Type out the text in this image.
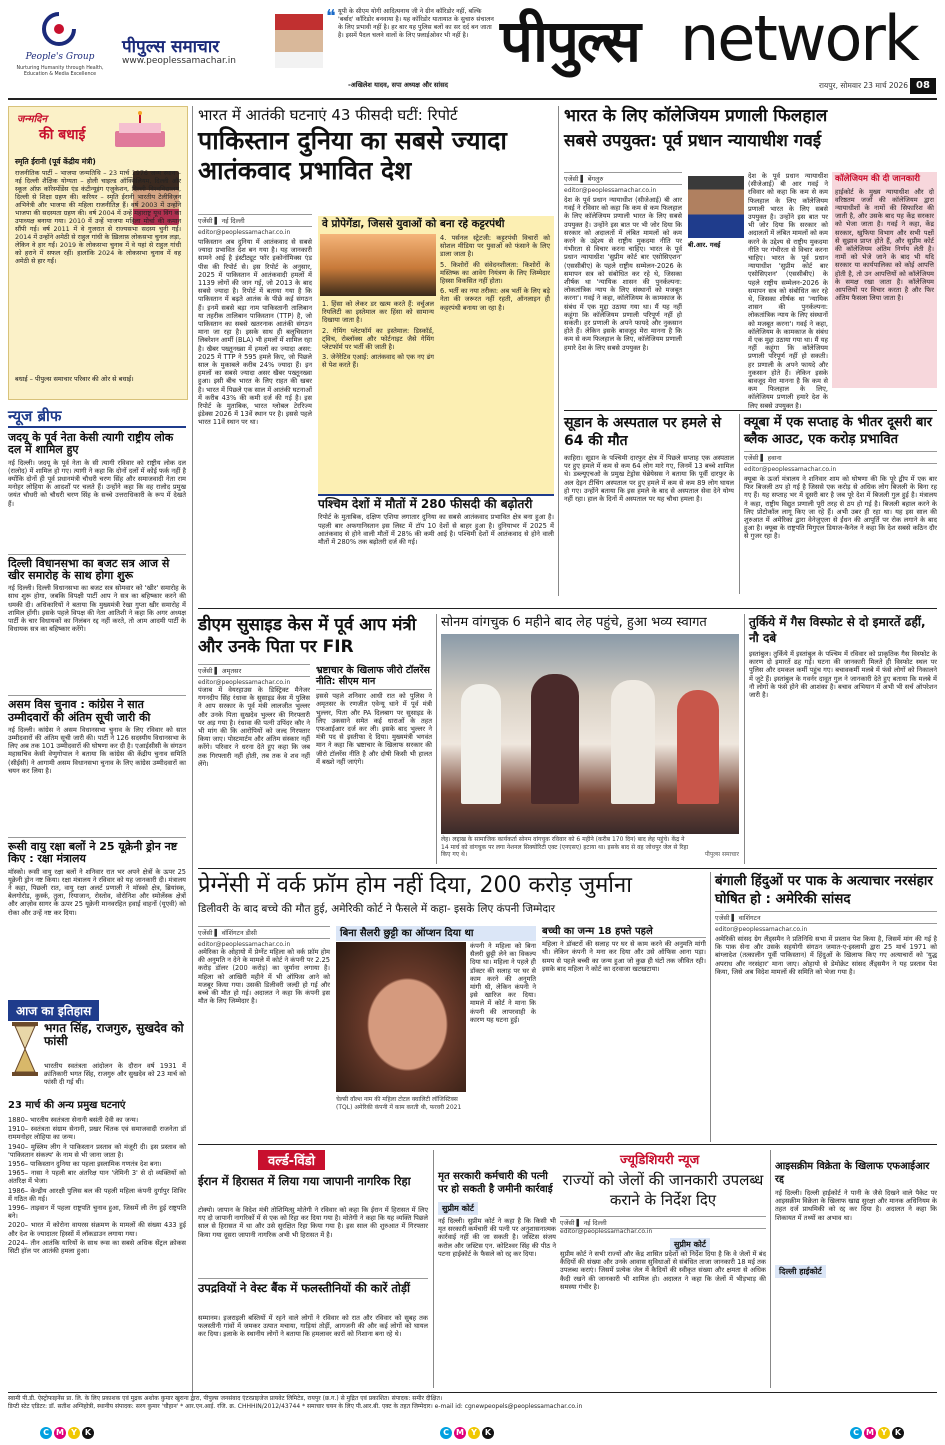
People's Group
Nurturing Humanity through Health, Education & Media Excellence
पीपुल्स समाचार
www.peoplessamachar.in
❝ यूपी के सीएम योगी आदित्यनाथ जी ने ग्रीन कॉरिडोर नहीं, बल्कि 'बर्बाद' कॉरिडोर बनवाया है। यह कॉरिडोर यातायात के सुचारु संचालन के लिए प्रभावी नहीं है। हर बार यह पुलिस बलों का सर दर्द बन जाता है। इसमें पैदल चलने वालों के लिए फ़्लाईओवर भी नहीं है।
-अखिलेश यादव, सपा अध्यक्ष और सांसद
पीपुल्स network
रायपुर, सोमवार 23 मार्च 2026 08
जन्मदिन
की बधाई
स्मृति ईरानी (पूर्व केंद्रीय मंत्री)
राजनीतिक पार्टी – भाजपा जन्मतिथि – 23 मार्च 1976 जन्म स्थान – नई दिल्ली शैक्षिक योग्यता – होली चाइल्ड ऑक्सिलियम, दिल्ली और स्कूल ऑफ़ कॉरेस्पोंडेंस एंड कंटीन्यूइंग एजुकेशन, दिल्ली विश्वविद्यालय, दिल्ली से शिक्षा ग्रहण की। करियर – स्मृति ईरानी भारतीय टेलीविज़न अभिनेत्री और भाजपा की महिला राजनीतिज्ञ हैं। वर्ष 2003 में उन्होंने भाजपा की सदस्यता ग्रहण की। वर्ष 2004 में उन्हें महाराष्ट्र यूथ विंग का उपाध्यक्ष बनाया गया। 2010 में उन्हें भाजपा महिला मोर्चा की कमान सौंपी गई। वर्ष 2011 में वे गुजरात से राज्यसभा सदस्य चुनी गईं। 2014 में उन्होंने अमेठी से राहुल गांधी के ख़िलाफ़ लोकसभा चुनाव लड़ा, लेकिन वे हार गईं। 2019 के लोकसभा चुनाव में वे यहां से राहुल गांधी को हराने में सफल रहीं। हालांकि 2024 के लोकसभा चुनाव में वह अमेठी से हार गईं।
बधाई – पीपुल्स समाचार परिवार की ओर से बधाई।
न्यूज ब्रीफ
जदयू के पूर्व नेता केसी त्यागी राष्ट्रीय लोक दल में शामिल हुए
नई दिल्ली। जदयू के पूर्व नेता के सी त्यागी रविवार को राष्ट्रीय लोक दल (रालोद) में शामिल हो गए। त्यागी ने कहा कि दोनों दलों में कोई फर्क नहीं है क्योंकि दोनों ही पूर्व प्रधानमंत्री चौधरी चरण सिंह और समाजवादी नेता राम मनोहर लोहिया के आदर्शों पर चलते हैं। उन्होंने कहा कि वह रालोद प्रमुख जयंत चौधरी को चौधरी चरण सिंह के सच्चे उत्तराधिकारी के रूप में देखते हैं।
दिल्ली विधानसभा का बजट सत्र आज से खीर समारोह के साथ होगा शुरू
नई दिल्ली। दिल्ली विधानसभा का बजट सत्र सोमवार को 'खीर' समारोह के साथ शुरू होगा, जबकि विपक्षी पार्टी आप ने सत्र का बहिष्कार करने की धमकी दी। अधिकारियों ने बताया कि मुख्यमंत्री रेखा गुप्ता खीर समारोह में शामिल होंगी। इसके पहले विपक्ष की नेता आतिशी ने कहा कि अगर अध्यक्ष पार्टी के चार विधायकों का निलंबन रद्द नहीं करते, तो आम आदमी पार्टी के विधायक सत्र का बहिष्कार करेंगे।
असम विस चुनाव : कांग्रेस ने सात उम्मीदवारों की अंतिम सूची जारी की
नई दिल्ली। कांग्रेस ने असम विधानसभा चुनाव के लिए रविवार को सात उम्मीदवारों की अंतिम सूची जारी की। पार्टी ने 126 सदस्यीय विधानसभा के लिए अब तक 101 उम्मीदवारों की घोषणा कर दी है। एआईसीसी के संगठन महासचिव केसी वेणुगोपाल ने बताया कि कांग्रेस की केंद्रीय चुनाव समिति (सीईसी) ने आगामी असम विधानसभा चुनाव के लिए कांग्रेस उम्मीदवारों का चयन कर लिया है।
रूसी वायु रक्षा बलों ने 25 यूक्रेनी ड्रोन नष्ट किए : रक्षा मंत्रालय
मॉस्को। रूसी वायु रक्षा बलों ने शनिवार रात भर अपने क्षेत्रों के ऊपर 25 यूक्रेनी ड्रोन नष्ट किया। रक्षा मंत्रालय ने रविवार को यह जानकारी दी। मंत्रालय ने कहा, पिछली रात, वायु रक्षा अलर्ट प्रणाली ने मॉस्को क्षेत्र, ब्रियांस्क, बेलगोरोड, कुर्स्क, तुला, रियाजान, रोस्तोव, वोरोनिश और स्मोलेंस्क क्षेत्रों और आज़ोव सागर के ऊपर 25 यूक्रेनी मानवरहित हवाई वाहनों (यूएवी) को रोका और उन्हें नष्ट कर दिया।
आज का इतिहास
भगत सिंह, राजगुरु, सुखदेव को फांसी
भारतीय स्वतंत्रता आंदोलन के दौरान वर्ष 1931 में क्रांतिकारी भगत सिंह, राजगुरु और सुखदेव को 23 मार्च को फांसी दी गई थी।
23 मार्च की अन्य प्रमुख घटनाएं
1880– भारतीय स्वतंत्रता सेनानी बसंती देवी का जन्म।
1910– स्वतंत्रता संग्राम सेनानी, प्रखर चिंतक एवं समाजवादी राजनेता डॉ राममनोहर लोहिया का जन्म।
1940– मुस्लिम लीग ने पाकिस्तान प्रस्ताव को मंजूरी दी। इस प्रस्ताव को 'पाकिस्तान संकल्प' के नाम से भी जाना जाता है।
1956– पाकिस्तान दुनिया का पहला इस्लामिक गणतंत्र देश बना।
1965– नासा ने पहली बार अंतरिक्ष यान 'जेमिनी 3' से दो व्यक्तियों को अंतरिक्ष में भेजा।
1986– केन्द्रीय आरक्षी पुलिस बल की पहली महिला कंपनी दुर्गापुर शिविर में गठित की गई।
1996– ताइवान में पहला राष्ट्रपति चुनाव हुआ, जिसमें ली तेंग हुई राष्ट्रपति बने।
2020– भारत में कोरोना वायरस संक्रमण के मामलों की संख्या 433 हुई और देश के ज्यादातर हिस्सों में लॉकडाउन लगाया गया।
2024– तीन आतंकि यारियों के साथ रूस का सबसे अधिक सेंट्रल क्रोकस सिटी हॉल पर आतंकी हमला हुआ।
भारत में आतंकी घटनाएं 43 फीसदी घटीं: रिपोर्ट
पाकिस्तान दुनिया का सबसे ज्यादा आतंकवाद प्रभावित देश
एजेंसी ▌ नई दिल्ली
editor@peoplessamachar.co.in
पाकिस्तान अब दुनिया में आतंकवाद से सबसे ज्यादा प्रभावित देश बन गया है। यह जानकारी सामने आई है इंस्टीट्यूट फॉर इकोनॉमिक्स एंड पीस की रिपोर्ट से। इस रिपोर्ट के अनुसार, 2025 में पाकिस्तान में आतंकवादी हमलों में 1139 लोगों की जान गई, जो 2013 के बाद सबसे ज्यादा है। रिपोर्ट में बताया गया है कि पाकिस्तान में बढ़ते आतंक के पीछे कई संगठन हैं। इनमें सबसे बड़ा नाम पाकिस्तानी तालिबान या तहरीक तालिबान पाकिस्तान (TTP) है, जो पाकिस्तान का सबसे खतरनाक आतंकी संगठन माना जा रहा है। इसके साथ ही बलूचिस्तान लिबरेशन आर्मी (BLA) भी हमलों में शामिल रहा है। खैबर पख्तूनख्वा में हमलों का ज्यादा असर: 2025 में TTP ने 595 हमले किए, जो पिछले साल के मुकाबले करीब 24% ज्यादा हैं। इन हमलों का सबसे ज्यादा असर खैबर पख्तूनख्वा हुआ। इसी बीच भारत के लिए राहत की खबर है। भारत में पिछले एक साल में आतंकी घटनाओं में करीब 43% की कमी दर्ज की गई है। इस रिपोर्ट के मुताबिक, भारत ग्लोबल टेररिज्म इंडेक्स 2026 में 13वें स्थान पर है। इससे पहले भारत 11वें स्थान पर था।
वे प्रोपेगेंडा, जिससे युवाओं को बना रहे कट्टरपंथी
1. हिंसा को लेकर डर खत्म करते हैं: वर्चुअल रियलिटी का इस्तेमाल कर हिंसा को सामान्य दिखाया जाता है।
2. गेमिंग प्लेटफॉर्म का इस्तेमाल: डिस्कॉर्ड, ट्विच, रोब्लॉक्स और फोर्टनाइट जैसे गेमिंग प्लेटफॉर्म पर भर्ती की जाती है।
3. जेनेरेटिव एआई: आतंकवाद को एक नए ढंग से पेश करते हैं।
4. पर्सनल स्ट्रेटजी: कट्टरपंथी विचारों को सोशल मीडिया पर युवाओं को फंसाने के लिए डाला जाता है।
5. किशोरों की संवेदनशीलता: किशोरों के मस्तिष्क का आवेग नियंत्रण के लिए जिम्मेदार हिस्सा विकसित नहीं होता।
6. भर्ती का नया तरीका: अब भर्ती के लिए बड़े नेता की जरूरत नहीं रहती, ऑनलाइन ही कट्टरपंथी बनाया जा रहा है।
पश्चिम देशों में मौतों में 280 फीसदी की बढ़ोतरी
रिपोर्ट के मुताबिक, दक्षिण एशिया लगातार दुनिया का सबसे आतंकवाद प्रभावित क्षेत्र बना हुआ है। पहली बार अफगानिस्तान इस लिस्ट में टॉप 10 देशों से बाहर हुआ है। दुनियाभर में 2025 में आतंकवाद से होने वाली मौतों में 28% की कमी आई है। पश्चिमी देशों में आतंकवाद से होने वाली मौतों में 280% तक बढ़ोतरी दर्ज की गई।
भारत के लिए कॉलेजियम प्रणाली फिलहाल
सबसे उपयुक्त: पूर्व प्रधान न्यायाधीश गवई
एजेंसी ▌ बेंगलुरु
editor@peoplessamachar.co.in
देश के पूर्व प्रधान न्यायाधीश (सीजेआई) बी आर गवई ने रविवार को कहा कि कम से कम फिलहाल के लिए कॉलेजियम प्रणाली भारत के लिए सबसे उपयुक्त है। उन्होंने इस बात पर भी जोर दिया कि सरकार को अदालतों में लंबित मामलों को कम करने के उद्देश्य से राष्ट्रीय मुकदमा नीति पर गंभीरता से विचार करना चाहिए। भारत के पूर्व प्रधान न्यायाधीश 'सुप्रीम कोर्ट बार एसोसिएशन' (एससीबीए) के पहले राष्ट्रीय सम्मेलन-2026 के समापन सत्र को संबोधित कर रहे थे, जिसका शीर्षक था 'न्यायिक शासन की पुनर्कल्पना: लोकतांत्रिक न्याय के लिए संस्थानों को मजबूत करना'। गवई ने कहा, कॉलेजियम के कामकाज के संबंध में एक मुद्दा उठाया गया था। मैं यह नहीं कहूंगा कि कॉलेजियम प्रणाली परिपूर्ण नहीं हो सकती। हर प्रणाली के अपने फायदे और नुकसान होते हैं। लेकिन इसके बावजूद मेरा मानना है कि कम से कम फिलहाल के लिए, कॉलेजियम प्रणाली हमारे देश के लिए सबसे उपयुक्त है।
बी.आर. गवई
देश के पूर्व प्रधान न्यायाधीश (सीजेआई) बी आर गवई ने रविवार को कहा कि कम से कम फिलहाल के लिए कॉलेजियम प्रणाली भारत के लिए सबसे उपयुक्त है। उन्होंने इस बात पर भी जोर दिया कि सरकार को अदालतों में लंबित मामलों को कम करने के उद्देश्य से राष्ट्रीय मुकदमा नीति पर गंभीरता से विचार करना चाहिए। भारत के पूर्व प्रधान न्यायाधीश 'सुप्रीम कोर्ट बार एसोसिएशन' (एससीबीए) के पहले राष्ट्रीय सम्मेलन-2026 के समापन सत्र को संबोधित कर रहे थे, जिसका शीर्षक था 'न्यायिक शासन की पुनर्कल्पना: लोकतांत्रिक न्याय के लिए संस्थानों को मजबूत करना'। गवई ने कहा, कॉलेजियम के कामकाज के संबंध में एक मुद्दा उठाया गया था। मैं यह नहीं कहूंगा कि कॉलेजियम प्रणाली परिपूर्ण नहीं हो सकती। हर प्रणाली के अपने फायदे और नुकसान होते हैं। लेकिन इसके बावजूद मेरा मानना है कि कम से कम फिलहाल के लिए, कॉलेजियम प्रणाली हमारे देश के लिए सबसे उपयुक्त है।
कॉलेजियम की दी जानकारी
हाईकोर्ट के मुख्य न्यायाधीश और दो वरिष्ठतम जजों की कॉलेजियम द्वारा न्यायाधीशों के नामों की सिफारिश की जाती है, और उसके बाद यह केंद्र सरकार को भेजा जाता है। गवई ने कहा, केंद्र सरकार, खुफिया विभाग और सभी पक्षों से सुझाव प्राप्त होते हैं, और सुप्रीम कोर्ट की कॉलेजियम अंतिम निर्णय लेती है। नामों को भेजे जाने के बाद भी यदि सरकार या कार्यपालिका को कोई आपत्ति होती है, तो उन आपत्तियों को कॉलेजियम के समक्ष रखा जाता है। कॉलेजियम आपत्तियों पर विचार करता है और फिर अंतिम फैसला लिया जाता है।
सूडान के अस्पताल पर हमले से 64 की मौत
काहिरा। सूडान के पश्चिमी दारफुर क्षेत्र में पिछले सप्ताह एक अस्पताल पर हुए हमले में कम से कम 64 लोग मारे गए, जिनमें 13 बच्चे शामिल थे। डब्ल्यूएचओ के प्रमुख टेड्रोस घेब्रेयेसस ने बताया कि पूर्वी दारफुर के अल देइन टीचिंग अस्पताल पर हुए हमले में कम से कम 89 लोग घायल हो गए। उन्होंने बताया कि इस हमले के बाद से अस्पताल सेवा देने योग्य नहीं रहा। हाल के दिनों में अस्पताल पर यह चौथा हमला है।
क्यूबा में एक सप्ताह के भीतर दूसरी बार ब्लैक आउट, एक करोड़ प्रभावित
एजेंसी ▌ हवाना
editor@peoplessamachar.co.in
क्यूबा के ऊर्जा मंत्रालय ने शनिवार शाम को घोषणा की कि पूरे द्वीप में एक बार फिर बिजली ठप हो गई है जिससे एक करोड़ से अधिक लोग बिजली के बिना रह गए हैं। यह सप्ताह भर में दूसरी बार है जब पूरे देश में बिजली गुल हुई है। मंत्रालय ने कहा, राष्ट्रीय विद्युत प्रणाली पूरी तरह से ठप हो गई है। बिजली बहाल करने के लिए प्रोटोकॉल लागू किए जा रहे हैं। अभी उबर ही रहा था। यह इस साल की शुरुआत में अमेरिका द्वारा वेनेजुएला से ईंधन की आपूर्ति पर रोक लगाने के बाद हुआ है। क्यूबा के राष्ट्रपति मिगुएल डियाज-कैनेल ने कहा कि देश सबसे कठिन दौर से गुजर रहा है।
डीएम सुसाइड केस में पूर्व आप मंत्री और उनके पिता पर FIR
एजेंसी ▌ अमृतसर
editor@peoplessamachar.co.in
पंजाब में वेयरहाउस के डिस्ट्रिक्ट मैनेजर गगनदीप सिंह रंधावा के सुसाइड केस में पुलिस ने आप सरकार के पूर्व मंत्री लालजीत भुल्लर और उनके पिता सुखदेव भुल्लर की गिरफ्तारी पर अड़ गया है। रंधावा की पत्नी उपिंदर कौर ने भी मांग की कि आरोपियों को जल्द गिरफ्तार किया जाए। पोस्टमार्टम और अंतिम संस्कार नहीं करेंगे। परिवार ने धरना देते हुए कहा कि जब तक गिरफ्तारी नहीं होती, तब तक वे शव नहीं लेंगे।
भ्रष्टाचार के खिलाफ जीरो टॉलरेंस नीति: सीएम मान
इससे पहले शनिवार आधी रात को पुलिस ने अमृतसर के रणजीत एवेन्यू थाने में पूर्व मंत्री भुल्लर, पिता और PA दिलबाग पर सुसाइड के लिए उकसाने समेत कई धाराओं के तहत एफआईआर दर्ज कर ली। इसके बाद भुल्लर ने मंत्री पद से इस्तीफा दे दिया। मुख्यमंत्री भगवंत मान ने कहा कि भ्रष्टाचार के खिलाफ सरकार की जीरो टॉलरेंस नीति है और दोषी किसी भी हालत में बख्शे नहीं जाएंगे।
सोनम वांगचुक 6 महीने बाद लेह पहुंचे, हुआ भव्य स्वागत
लेह। लद्दाख के सामाजिक कार्यकर्ता सोनम वांगचुक रविवार को 6 महीने (करीब 170 दिन) बाद लेह पहुंचे। केंद्र ने 14 मार्च को वांगचुक पर लगा नेशनल सिक्योरिटी एक्ट (एनएसए) हटाया था। इसके बाद से वह जोधपुर जेल से रिहा किए गए थे।	पीपुल्स समाचार
तुर्किये में गैस विस्फोट से दो इमारतें ढहीं, नौ दबे
इस्तांबुल। तुर्किये में इस्तांबुल के पश्चिम में रविवार को प्राकृतिक गैस विस्फोट के कारण दो इमारतें ढह गईं। घटना की जानकारी मिलते ही विस्फोट स्थल पर पुलिस और दमकल कर्मी पहुंच गए। बचावकर्मी मलबे में फंसे लोगों को निकालने में जुटे हैं। इस्तांबुल के गवर्नर दावूत गुल ने जानकारी देते हुए बताया कि मलबे में नौ लोगों के फंसे होने की आशंका है। बचाव अभियान में अभी भी सर्च ऑपरेशन जारी है।
प्रेग्नेंसी में वर्क फ्रॉम होम नहीं दिया, 200 करोड़ जुर्माना
डिलीवरी के बाद बच्चे की मौत हुई, अमेरिकी कोर्ट ने फैसले में कहा- इसके लिए कंपनी जिम्मेदार
एजेंसी ▌ वॉशिंगटन डीसी
editor@peoplessamachar.co.in
अमेरिका के ओहायो में प्रेग्नेंट महिला को वर्क फ्रॉम होम की अनुमति न देने के मामले में कोर्ट ने कंपनी पर 2.25 करोड़ डॉलर (200 करोड़) का जुर्माना लगाया है। महिला को आखिरी महीने में भी ऑफिस आने को मजबूर किया गया। उसकी डिलीवरी जल्दी हो गई और बच्चे की मौत हो गई। अदालत ने कहा कि कंपनी इस मौत के लिए जिम्मेदार है।
बिना सैलरी छुट्टी का ऑप्शन दिया था
चेल्सी वॉल्श नाम की महिला टोटल क्वालिटी लॉजिस्टिक्स (TQL) अमेरिकी कंपनी में काम करती थी, फरवरी 2021
कंपनी ने महिला को बिना सैलरी छुट्टी लेने का विकल्प दिया था। महिला ने पहले ही डॉक्टर की सलाह पर घर से काम करने की अनुमति मांगी थी, लेकिन कंपनी ने इसे खारिज कर दिया। मामले में कोर्ट ने माना कि कंपनी की लापरवाही के कारण यह घटना हुई।
बच्ची का जन्म 18 हफ्ते पहले
महिला ने डॉक्टरों की सलाह पर घर से काम करने की अनुमति मांगी थी। लेकिन कंपनी ने मना कर दिया और उसे ऑफिस आना पड़ा। समय से पहले बच्ची का जन्म हुआ जो कुछ ही घंटों तक जीवित रही। इसके बाद महिला ने कोर्ट का दरवाजा खटखटाया।
बंगाली हिंदुओं पर पाक के अत्याचार नरसंहार घोषित हो : अमेरिकी सांसद
एजेंसी ▌ वाशिंगटन
editor@peoplessamachar.co.in
अमेरिकी सांसद ग्रेग लैंड्समैन ने प्रतिनिधि सभा में प्रस्ताव पेश किया है, जिसमें मांग की गई है कि पाक सेना और उसके सहयोगी संगठन जमात-ए-इस्लामी द्वारा 25 मार्च 1971 को बांग्लादेश (तत्कालीन पूर्वी पाकिस्तान) में हिंदुओं के खिलाफ किए गए अत्याचारों को 'युद्ध अपराध और नरसंहार' माना जाए। ओहायो से डेमोक्रेट सांसद लैंड्समैन ने यह प्रस्ताव पेश किया, जिसे अब विदेश मामलों की समिति को भेजा गया है।
वर्ल्ड-विंडो
ईरान में हिरासत में लिया गया जापानी नागरिक रिहा
टोक्यो। जापान के विदेश मंत्री तोशिमित्सु मोतेगी ने रविवार को कहा कि ईरान में हिरासत में लिए गए दो जापानी नागरिकों में से एक को रिहा कर दिया गया है। मोतेगी ने कहा कि यह व्यक्ति पिछले साल से हिरासत में था और उसे सुरक्षित रिहा किया गया है। इस साल की शुरुआत में गिरफ्तार किया गया दूसरा जापानी नागरिक अभी भी हिरासत में है।
उपद्रवियों ने वेस्ट बैंक में फलस्तीनियों की कारें तोड़ीं
सम्मानम। इजराइली बस्तियों में रहने वाले लोगों ने रविवार को रात और रविवार को सुबह तक फलस्तीनी गांवों में जमकर उत्पात मचाया, गाड़ियां तोड़ीं, आगजनी की और कई लोगों को घायल कर दिया। इलाके के स्थानीय लोगों ने बताया कि हमलावर कारों को निशाना बना रहे थे।
मृत सरकारी कर्मचारी की पत्नी पर हो सकती है जमीनी कार्रवाई
सुप्रीम कोर्ट
नई दिल्ली। सुप्रीम कोर्ट ने कहा है कि किसी भी मृत सरकारी कर्मचारी की पत्नी पर अनुशासनात्मक कार्रवाई नहीं की जा सकती है। जस्टिस संजय करोल और जस्टिस एन. कोटिश्वर सिंह की पीठ ने पटना हाईकोर्ट के फैसले को रद्द कर दिया।
ज्यूडिशियरी न्यूज
राज्यों को जेलों की जानकारी उपलब्ध कराने के निर्देश दिए
एजेंसी ▌ नई दिल्ली
editor@peoplessamachar.co.in
सुप्रीम कोर्ट
सुप्रीम कोर्ट ने सभी राज्यों और केंद्र शासित प्रदेशों को निर्देश दिया है कि वे जेलों में बंद कैदियों की संख्या और उनके आवास सुविधाओं से संबंधित ताजा जानकारी 18 मई तक उपलब्ध कराएं। जिसमें प्रत्येक जेल में कैदियों की स्वीकृत संख्या और क्षमता से अधिक कैदी रखने की जानकारी भी शामिल हो। अदालत ने कहा कि जेलों में भीड़भाड़ की समस्या गंभीर है।
आइसक्रीम विक्रेता के खिलाफ एफआईआर रद्द
नई दिल्ली। दिल्ली हाईकोर्ट ने पानी के जैसे दिखने वाले पैकेट पर आइसक्रीम विक्रेता के खिलाफ खाद्य सुरक्षा और मानक अधिनियम के तहत दर्ज प्राथमिकी को रद्द कर दिया है। अदालत ने कहा कि शिकायत में तथ्यों का अभाव था।
दिल्ली हाईकोर्ट
स्वामी पी.डी. ऐस्ट्रोफाइनेंस प्रा. लि. के लिए प्रकाशक एवं मुद्रक अशोक कुमार खुराना द्वारा, पीपुल्स जनसंवाद एंटरप्राइजेज प्रायवेट लिमिटेड, रायपुर (छ.ग.) से मुद्रित एवं प्रकाशित। संपादक: समीर दीक्षित।
डिप्टी स्टेट एडिटर: डॉ. सतीश अग्निहोत्री, स्थानीय संपादक: सरग कुमार 'चौहान' * आर.एन.आई. रजि. क्र. CHHHIN/2012/43744 * समाचार चयन के लिए पी.आर.बी. एक्ट के तहत जिम्मेदार। e-mail id: cgnewpeopels@peoplessamachar.co.in
C M Y	K	C M Y	K	C M Y	K
